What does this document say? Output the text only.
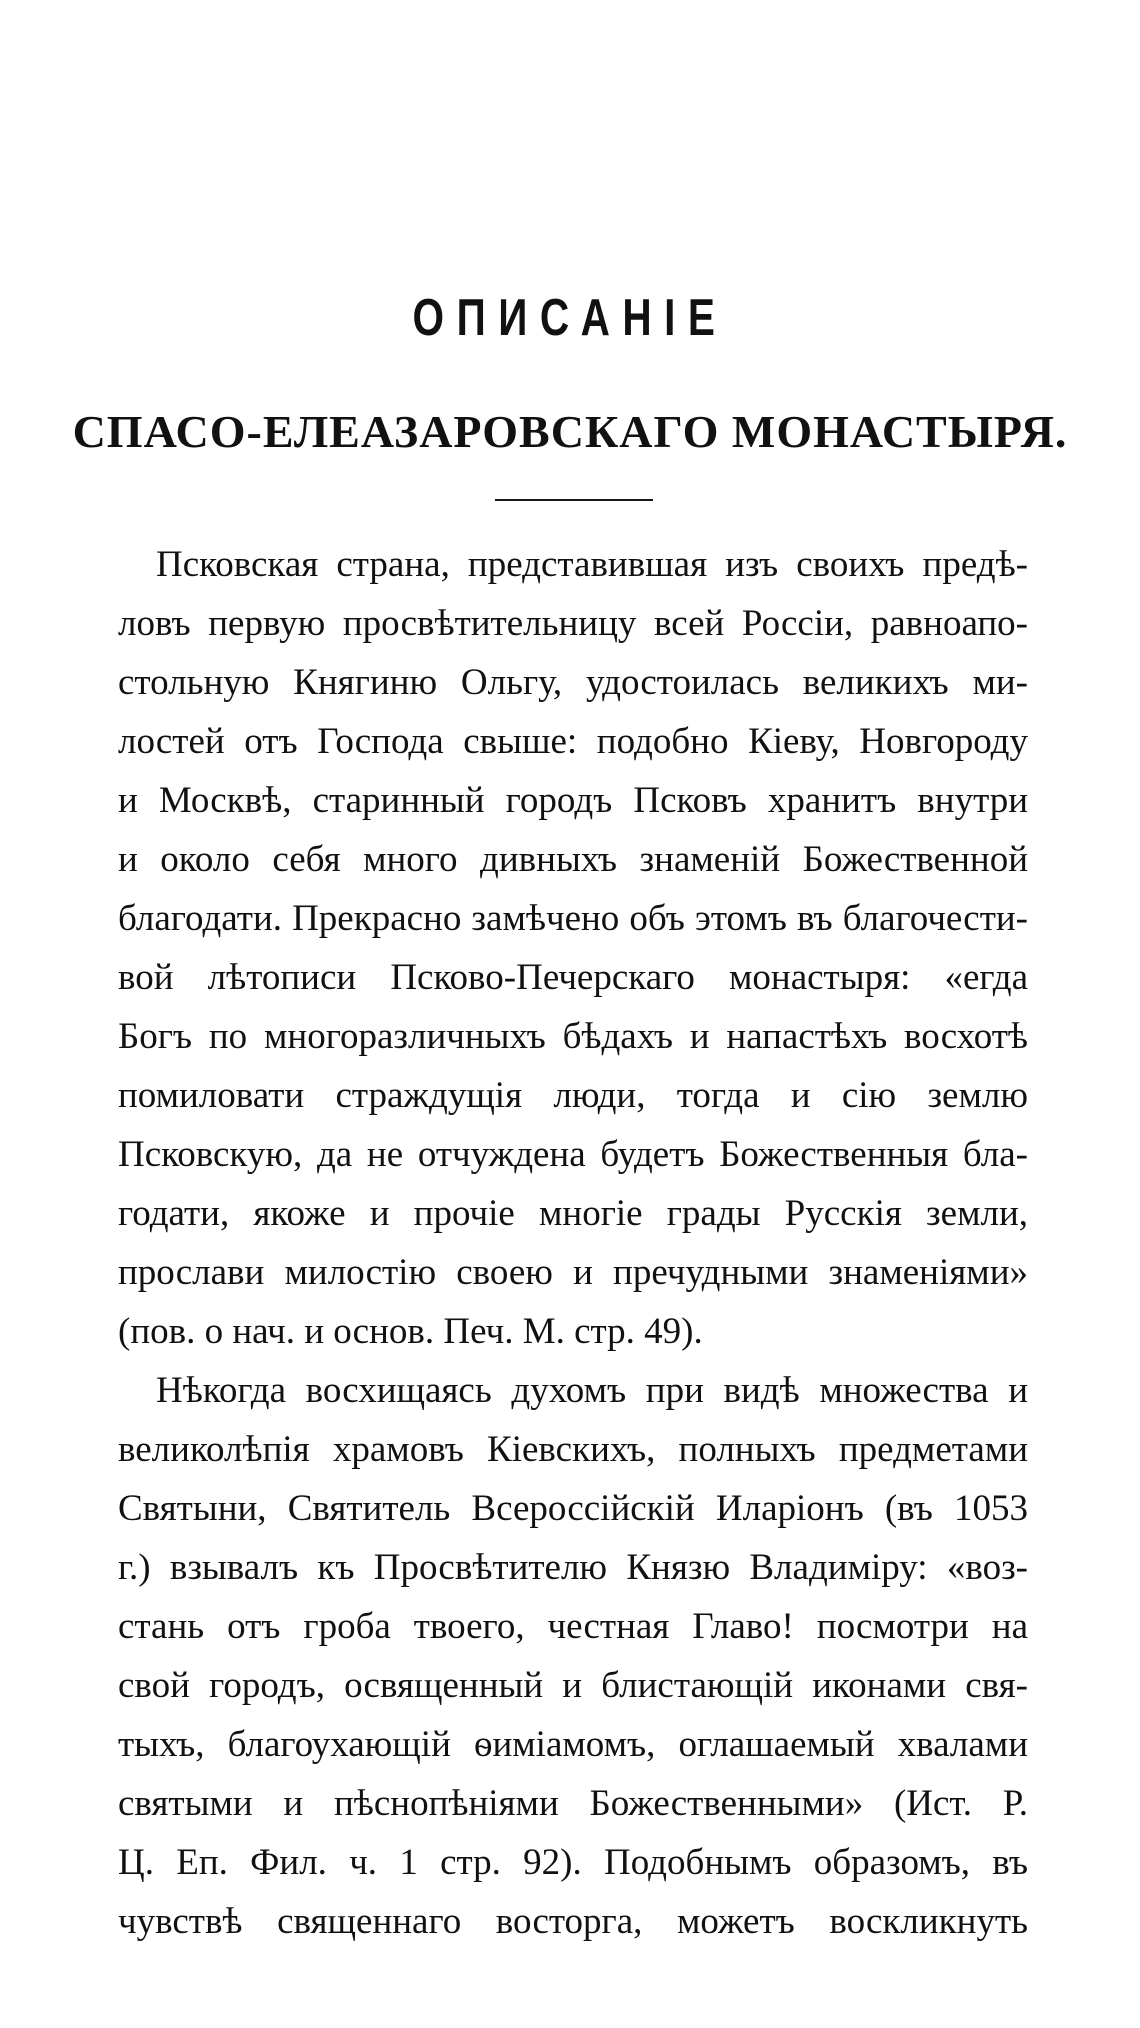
ОПИСАНІЕ
СПАСО-ЕЛЕАЗАРОВСКАГО МОНАСТЫРЯ.
Псковская страна, представившая изъ своихъ предѣ-
ловъ первую просвѣтительницу всей Россіи, равноапо-
стольную Княгиню Ольгу, удостоилась великихъ ми-
лостей отъ Господа свыше: подобно Кіеву, Новгороду
и Москвѣ, старинный городъ Псковъ хранитъ внутри
и около себя много дивныхъ знаменій Божественной
благодати. Прекрасно замѣчено объ этомъ въ благочести-
вой лѣтописи Псково-Печерскаго монастыря: «егда
Богъ по многоразличныхъ бѣдахъ и напастѣхъ восхотѣ
помиловати страждущія люди, тогда и сію землю
Псковскую, да не отчуждена будетъ Божественныя бла-
годати, якоже и прочіе многіе грады Русскія земли,
прослави милостію своею и пречудными знаменіями»
(пов. о нач. и основ. Печ. М. стр. 49).
Нѣкогда восхищаясь духомъ при видѣ множества и
великолѣпія храмовъ Кіевскихъ, полныхъ предметами
Святыни, Святитель Всероссійскій Иларіонъ (въ 1053
г.) взывалъ къ Просвѣтителю Князю Владиміру: «воз-
стань отъ гроба твоего, честная Главо! посмотри на
свой городъ, освященный и блистающій иконами свя-
тыхъ, благоухающій ѳиміамомъ, оглашаемый хвалами
святыми и пѣснопѣніями Божественными» (Ист. Р.
Ц. Еп. Фил. ч. 1 стр. 92). Подобнымъ образомъ, въ
чувствѣ священнаго восторга, можетъ воскликнуть
